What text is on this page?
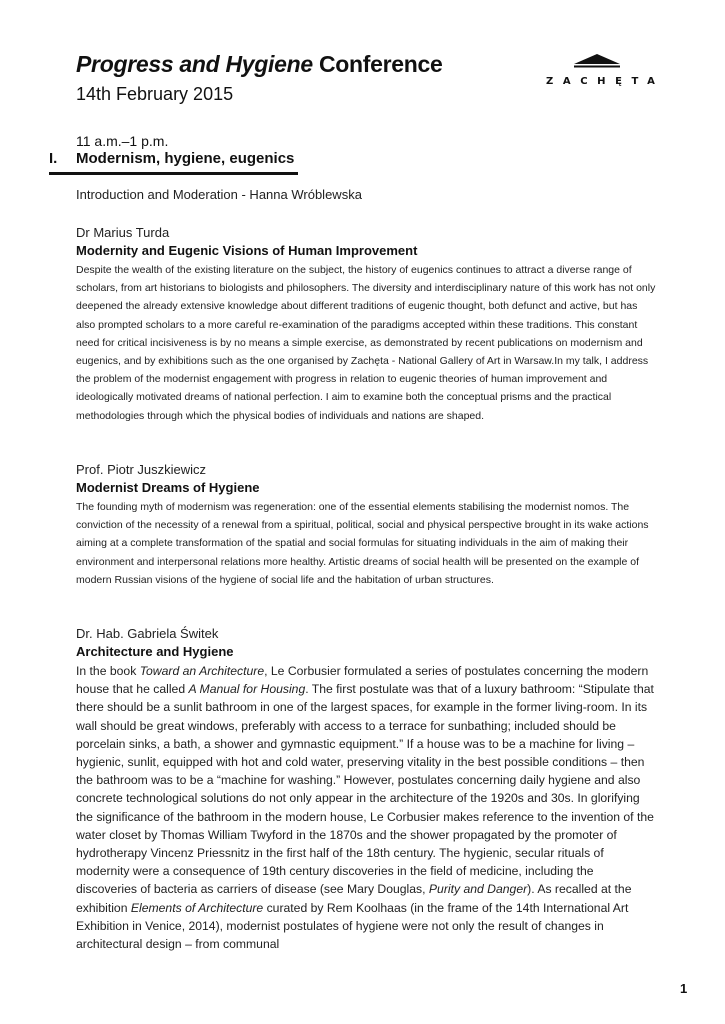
Progress and Hygiene Conference
14th February 2015
ZACHĘTA
11 a.m.–1 p.m.
I. Modernism, hygiene, eugenics
Introduction and Moderation - Hanna Wróblewska
Dr Marius Turda
Modernity and Eugenic Visions of Human Improvement

Despite the wealth of the existing literature on the subject, the history of eugenics continues to attract a diverse range of scholars, from art historians to biologists and philosophers. The diversity and interdisciplinary nature of this work has not only deepened the already extensive knowledge about different traditions of eugenic thought, both defunct and active, but has also prompted scholars to a more careful re-examination of the paradigms accepted within these traditions. This constant need for critical incisiveness is by no means a simple exercise, as demonstrated by recent publications on modernism and eugenics, and by exhibitions such as the one organised by Zachęta - National Gallery of Art in Warsaw.In my talk, I address the problem of the modernist engagement with progress in relation to eugenic theories of human improvement and ideologically motivated dreams of national perfection. I aim to examine both the conceptual prisms and the practical methodologies through which the physical bodies of individuals and nations are shaped.

Prof. Piotr Juszkiewicz
Modernist Dreams of Hygiene

The founding myth of modernism was regeneration: one of the essential elements stabilising the modernist nomos. The conviction of the necessity of a renewal from a spiritual, political, social and physical perspective brought in its wake actions aiming at a complete transformation of the spatial and social formulas for situating individuals in the aim of making their environment and interpersonal relations more healthy. Artistic dreams of social health will be presented on the example of modern Russian visions of the hygiene of social life and the habitation of urban structures.

Dr. Hab. Gabriela Świtek
Architecture and Hygiene

In the book Toward an Architecture, Le Corbusier formulated a series of postulates concerning the modern house that he called A Manual for Housing. The first postulate was that of a luxury bathroom: “Stipulate that there should be a sunlit bathroom in one of the largest spaces, for example in the former living-room. In its wall should be great windows, preferably with access to a terrace for sunbathing; included should be porcelain sinks, a bath, a shower and gymnastic equipment.” If a house was to be a machine for living – hygienic, sunlit, equipped with hot and cold water, preserving vitality in the best possible conditions – then the bathroom was to be a “machine for washing.” However, postulates concerning daily hygiene and also concrete technological solutions do not only appear in the architecture of the 1920s and 30s. In glorifying the significance of the bathroom in the modern house, Le Corbusier makes reference to the invention of the water closet by Thomas William Twyford in the 1870s and the shower propagated by the promoter of hydrotherapy Vincenz Priessnitz in the first half of the 18th century. The hygienic, secular rituals of modernity were a consequence of 19th century discoveries in the field of medicine, including the discoveries of bacteria as carriers of disease (see Mary Douglas, Purity and Danger). As recalled at the exhibition Elements of Architecture curated by Rem Koolhaas (in the frame of the 14th International Art Exhibition in Venice, 2014), modernist postulates of hygiene were not only the result of changes in architectural design – from communal

1
